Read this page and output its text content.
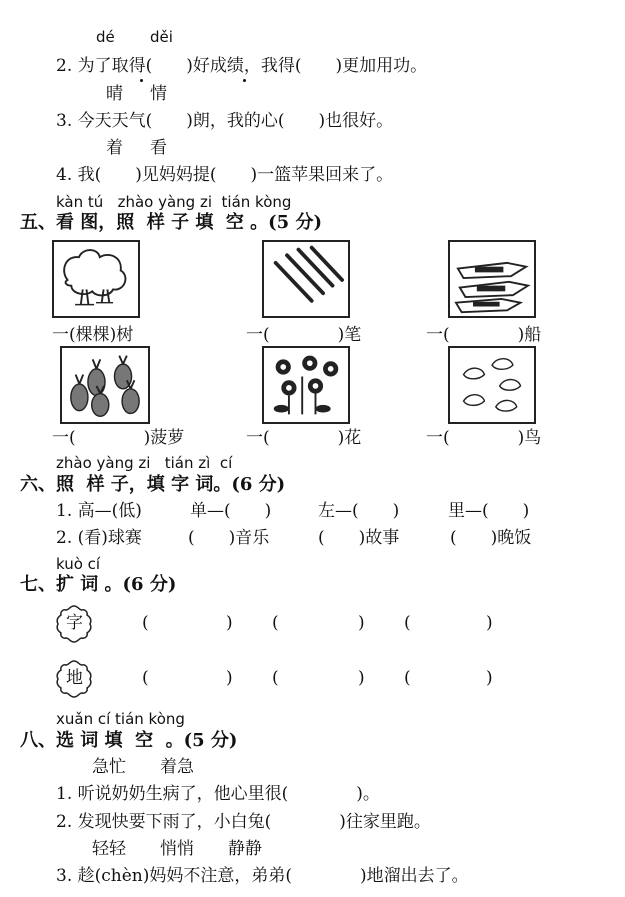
dé děi
2. 为了取得(　　)好成绩，我得(　　)更加用功。
晴 情
3. 今天天气(　　)朗，我的心(　　)也很好。
着 看
4. 我(　　)见妈妈提(　　)一篮苹果回来了。
kàn tú   zhào yàng zi  tián kòng
五、看 图，照  样 子 填  空 。(5 分)
一(棵棵)树	一(　　　　)笔	一(　　　　)船
一(　　　　)菠萝	一(　　　　)花	一(　　　　)鸟
zhào yàng zi   tián zì  cí
六、照  样 子，填 字 词。(6 分)
1. 高—(低)	单—(　　)	左—(　　)	里—(　　)
2. (看)球赛	(　　)音乐	(　　)故事	(　　)晚饭
kuò cí
七、扩 词 。(6 分)
字	(	) (	) (	)
地	(	) (	) (	)
xuǎn cí tián kòng
八、选 词 填  空  。(5 分)
急忙　　着急
1. 听说奶奶生病了，他心里很(　　　　)。
2. 发现快要下雨了，小白兔(　　　　)往家里跑。
轻轻　　悄悄　　静静
3. 趁(chèn)妈妈不注意，弟弟(　　　　)地溜出去了。
